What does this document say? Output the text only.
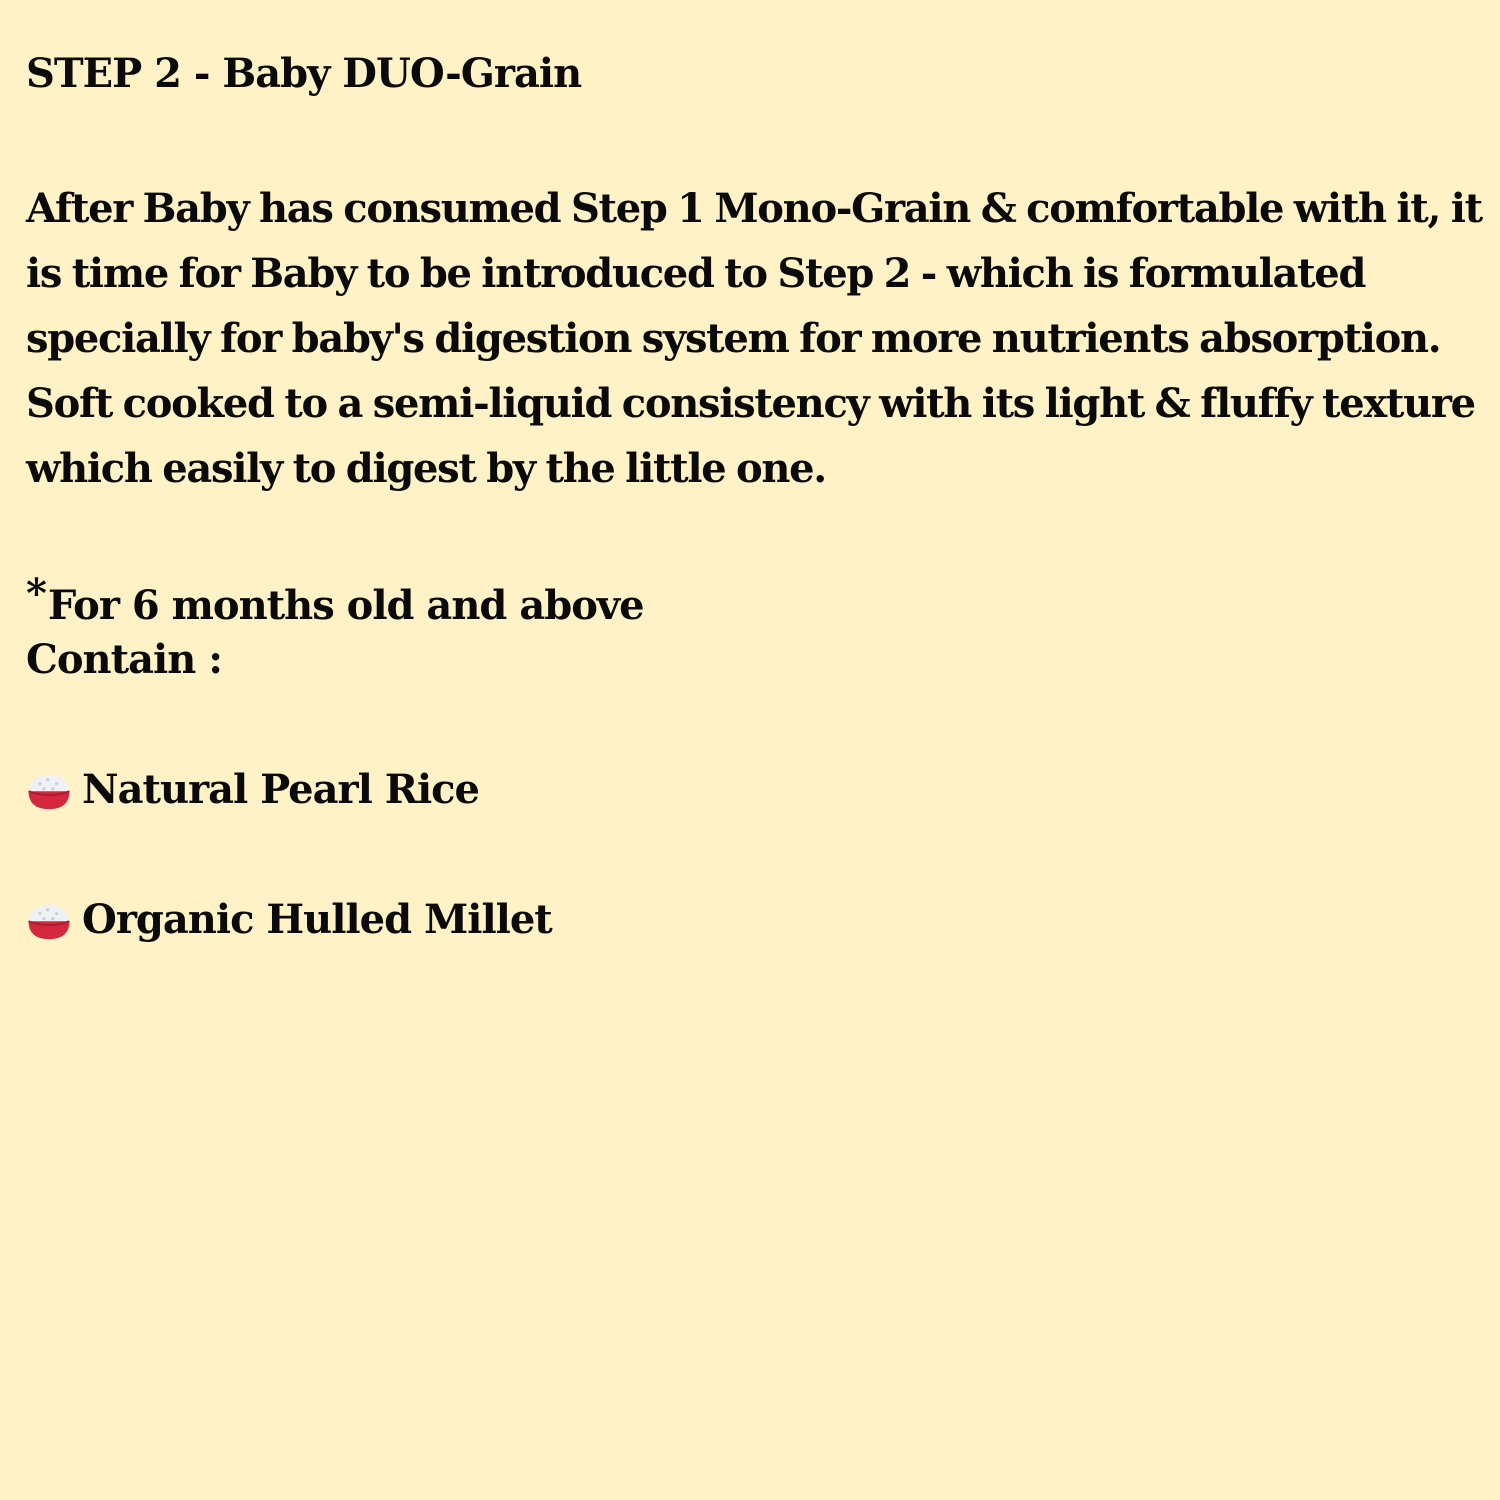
STEP 2 - Baby DUO-Grain
After Baby has consumed Step 1 Mono-Grain & comfortable with it, it is time for Baby to be introduced to Step 2 - which is formulated specially for baby's digestion system for more nutrients absorption. Soft cooked to a semi-liquid consistency with its light & fluffy texture which easily to digest by the little one.
*For 6 months old and above
Contain :
Natural Pearl Rice
Organic Hulled Millet
